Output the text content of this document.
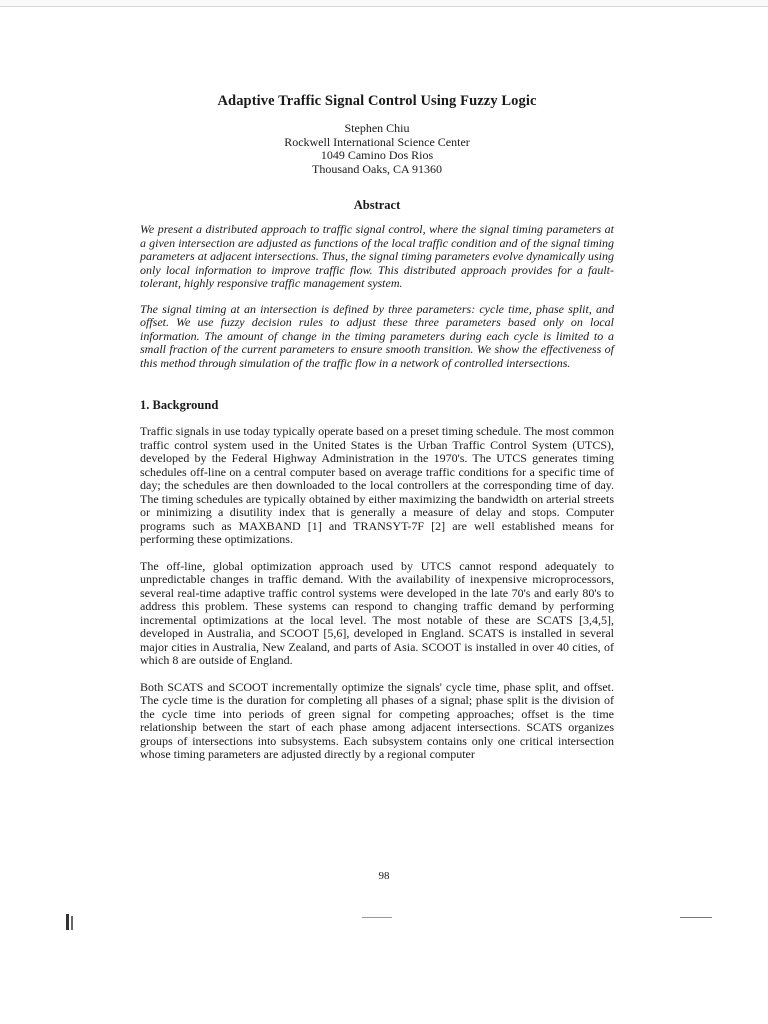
Adaptive Traffic Signal Control Using Fuzzy Logic
Stephen Chiu
Rockwell International Science Center
1049 Camino Dos Rios
Thousand Oaks, CA 91360
Abstract

We present a distributed approach to traffic signal control, where the signal timing parameters at a given intersection are adjusted as functions of the local traffic condition and of the signal timing parameters at adjacent intersections. Thus, the signal timing parameters evolve dynamically using only local information to improve traffic flow. This distributed approach provides for a fault-tolerant, highly responsive traffic management system.

The signal timing at an intersection is defined by three parameters: cycle time, phase split, and offset. We use fuzzy decision rules to adjust these three parameters based only on local information. The amount of change in the timing parameters during each cycle is limited to a small fraction of the current parameters to ensure smooth transition. We show the effectiveness of this method through simulation of the traffic flow in a network of controlled intersections.

1. Background

Traffic signals in use today typically operate based on a preset timing schedule. The most common traffic control system used in the United States is the Urban Traffic Control System (UTCS), developed by the Federal Highway Administration in the 1970's. The UTCS generates timing schedules off-line on a central computer based on average traffic conditions for a specific time of day; the schedules are then downloaded to the local controllers at the corresponding time of day. The timing schedules are typically obtained by either maximizing the bandwidth on arterial streets or minimizing a disutility index that is generally a measure of delay and stops. Computer programs such as MAXBAND [1] and TRANSYT-7F [2] are well established means for performing these optimizations.

The off-line, global optimization approach used by UTCS cannot respond adequately to unpredictable changes in traffic demand. With the availability of inexpensive microprocessors, several real-time adaptive traffic control systems were developed in the late 70's and early 80's to address this problem. These systems can respond to changing traffic demand by performing incremental optimizations at the local level. The most notable of these are SCATS [3,4,5], developed in Australia, and SCOOT [5,6], developed in England. SCATS is installed in several major cities in Australia, New Zealand, and parts of Asia. SCOOT is installed in over 40 cities, of which 8 are outside of England.

Both SCATS and SCOOT incrementally optimize the signals' cycle time, phase split, and offset. The cycle time is the duration for completing all phases of a signal; phase split is the division of the cycle time into periods of green signal for competing approaches; offset is the time relationship between the start of each phase among adjacent intersections. SCATS organizes groups of intersections into subsystems. Each subsystem contains only one critical intersection whose timing parameters are adjusted directly by a regional computer

98
